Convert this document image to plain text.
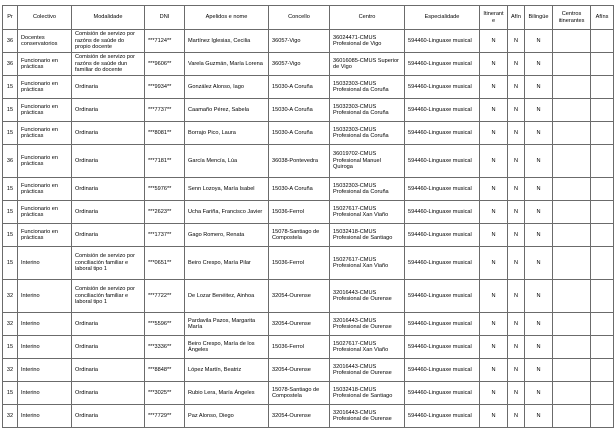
Pr	Colectivo	Modalidade	DNI	Apelidos e nome	Concello	Centro	Especialidade	Itinerante	Afín	Bilingüe	Centros itinerantes	Afíns
36	Docentes conservatorios	Comisión de servizo por razóns de saúde do propio docente	***7124**	Martínez Iglesias, Cecilia	36057-Vigo	36024471-CMUS Profesional de Vigo	594460-Linguaxe musical	N	N	N		
36	Funcionario en prácticas	Comisión de servizo por razóns de saúde dun familiar do docente	***9606**	Varela Guzmán, María Lorena	36057-Vigo	36016085-CMUS Superior de Vigo	594460-Linguaxe musical	N	N	N		
15	Funcionario en prácticas	Ordinaria	***9934**	González Alonso, Iago	15030-A Coruña	15032303-CMUS Profesional da Coruña	594460-Linguaxe musical	N	N	N		
15	Funcionario en prácticas	Ordinaria	***7737**	Caamaño Pérez, Sabela	15030-A Coruña	15032303-CMUS Profesional da Coruña	594460-Linguaxe musical	N	N	N		
15	Funcionario en prácticas	Ordinaria	***8081**	Borrajo Pico, Laura	15030-A Coruña	15032303-CMUS Profesional da Coruña	594460-Linguaxe musical	N	N	N		
36	Funcionario en prácticas	Ordinaria	***7181**	García Mencía, Lúa	36038-Pontevedra	36019702-CMUS Profesional Manuel Quiroga	594460-Linguaxe musical	N	N	N		
15	Funcionario en prácticas	Ordinaria	***5976**	Senn Lozoya, María Isabel	15030-A Coruña	15032303-CMUS Profesional da Coruña	594460-Linguaxe musical	N	N	N		
15	Funcionario en prácticas	Ordinaria	***2623**	Ucha Fariña, Francisco Javier	15036-Ferrol	15027617-CMUS Profesional Xan Viaño	594460-Linguaxe musical	N	N	N		
15	Funcionario en prácticas	Ordinaria	***1737**	Gago Romero, Renata	15078-Santiago de Compostela	15032418-CMUS Profesional de Santiago	594460-Linguaxe musical	N	N	N		
15	Interino	Comisión de servizo por conciliación familiar e laboral tipo 1	***0651**	Beiro Crespo, María Pilar	15036-Ferrol	15027617-CMUS Profesional Xan Viaño	594460-Linguaxe musical	N	N	N		
32	Interino	Comisión de servizo por conciliación familiar e laboral tipo 1	***7722**	De Lozar Benéitez, Ainhoa	32054-Ourense	32016443-CMUS Profesional de Ourense	594460-Linguaxe musical	N	N	N		
32	Interino	Ordinaria	***5596**	Pardavila Pazos, Margarita María	32054-Ourense	32016443-CMUS Profesional de Ourense	594460-Linguaxe musical	N	N	N		
15	Interino	Ordinaria	***3336**	Beiro Crespo, María de los Ángeles	15036-Ferrol	15027617-CMUS Profesional Xan Viaño	594460-Linguaxe musical	N	N	N		
32	Interino	Ordinaria	***8848**	López Martín, Beatriz	32054-Ourense	32016443-CMUS Profesional de Ourense	594460-Linguaxe musical	N	N	N		
15	Interino	Ordinaria	***3025**	Rubio Lera, María Ángeles	15078-Santiago de Compostela	15032418-CMUS Profesional de Santiago	594460-Linguaxe musical	N	N	N		
32	Interino	Ordinaria	***7729**	Paz Alonso, Diego	32054-Ourense	32016443-CMUS Profesional de Ourense	594460-Linguaxe musical	N	N	N		
